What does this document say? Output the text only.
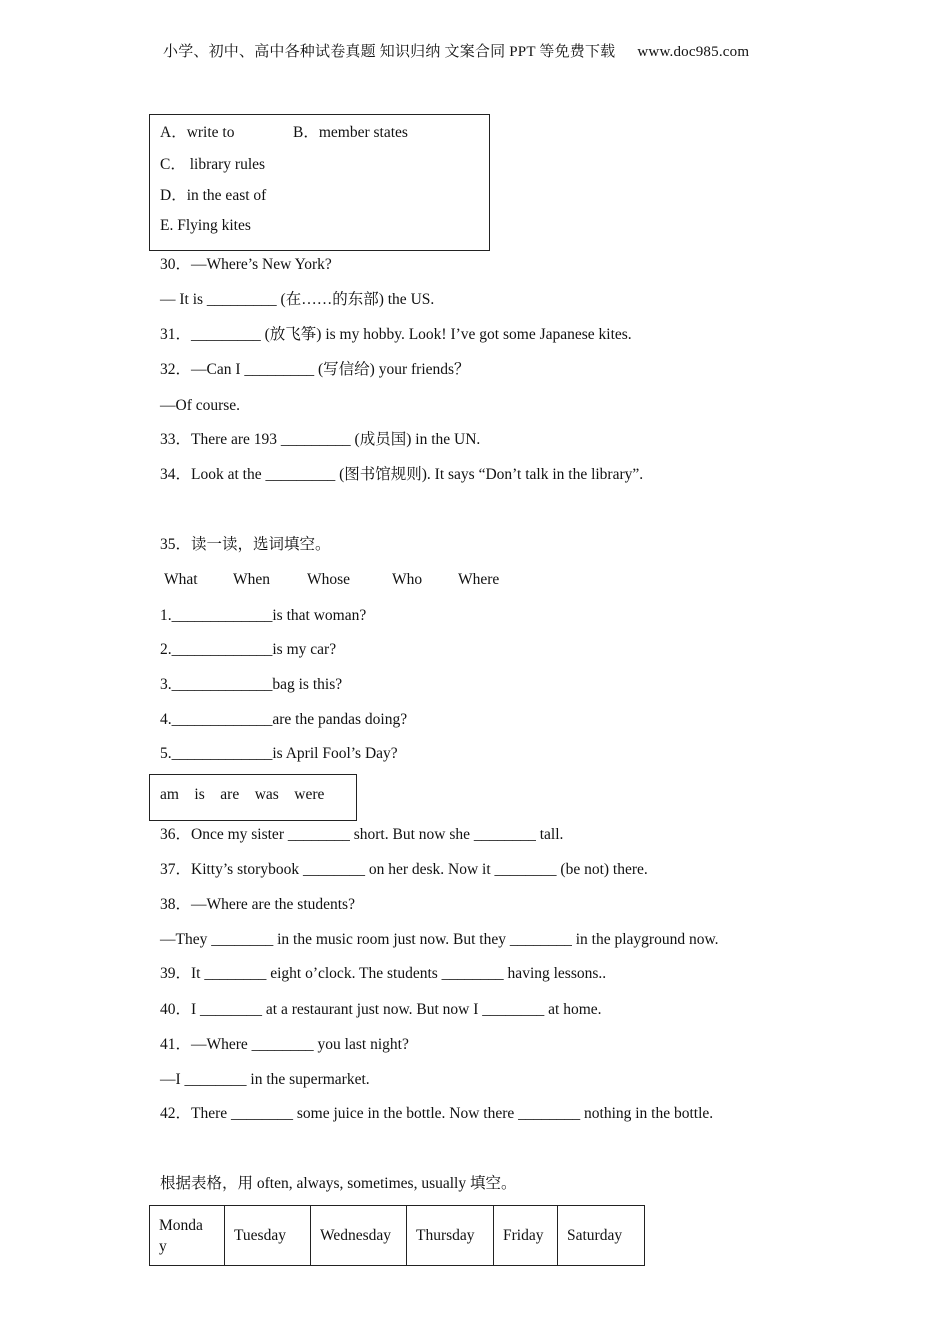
小学、初中、高中各种试卷真题 知识归纳 文案合同 PPT 等免费下载 www.doc985.com
A．write to	B．member states
C． library rules
D．in the east of
E. Flying kites
30．—Where’s New York?
— It is _________ (在……的东部) the US.
31．_________ (放飞筝) is my hobby. Look! I’ve got some Japanese kites.
32．—Can I _________ (写信给) your friends？
—Of course.
33．There are 193 _________ (成员国) in the UN.
34．Look at the _________ (图书馆规则). It says “Don’t talk in the library”.
35．读一读，选词填空。
What When Whose	Who Where
1._____________is that woman?
2._____________is my car?
3._____________bag is this?
4._____________are the pandas doing?
5._____________is April Fool’s Day?
am    is    are    was    were
36．Once my sister ________ short. But now she ________ tall.
37．Kitty’s storybook ________ on her desk. Now it ________ (be not) there.
38．—Where are the students?
—They ________ in the music room just now. But they ________ in the playground now.
39．It ________ eight o’clock. The students ________ having lessons..
40．I ________ at a restaurant just now. But now I ________ at home.
41．—Where ________ you last night?
—I ________ in the supermarket.
42．There ________ some juice in the bottle. Now there ________ nothing in the bottle.
根据表格，用 often, always, sometimes, usually 填空。
Monda
y	Tuesday	Wednesday	Thursday	Friday	Saturday
